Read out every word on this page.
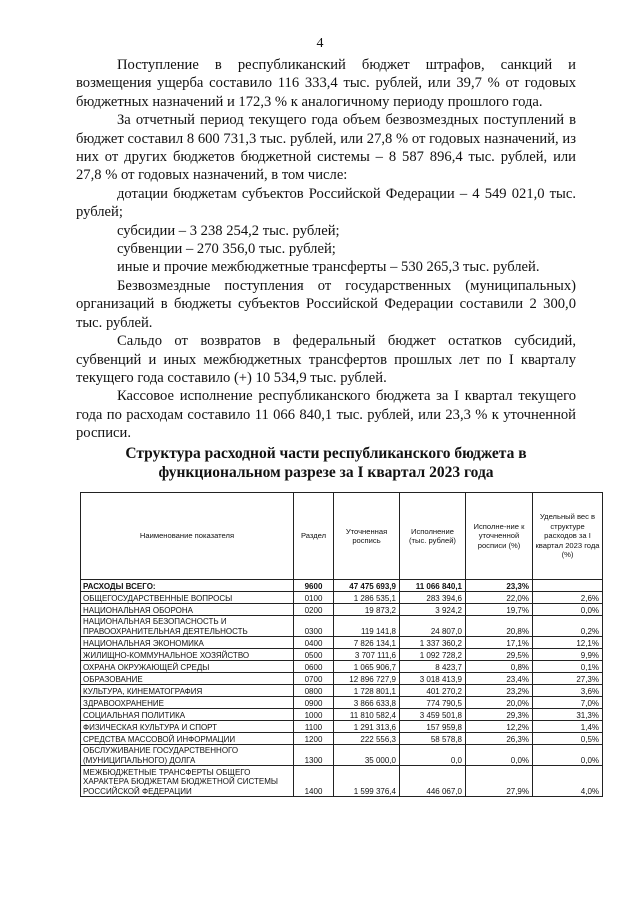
4

Поступление в республиканский бюджет штрафов, санкций и возмещения ущерба составило 116 333,4 тыс. рублей, или 39,7 % от годовых бюджетных назначений и 172,3 % к аналогичному периоду прошлого года.

За отчетный период текущего года объем безвозмездных поступлений в бюджет составил 8 600 731,3 тыс. рублей, или 27,8 % от годовых назначений, из них от других бюджетов бюджетной системы – 8 587 896,4 тыс. рублей, или 27,8 % от годовых назначений, в том числе:

дотации бюджетам субъектов Российской Федерации – 4 549 021,0 тыс. рублей;

субсидии – 3 238 254,2 тыс. рублей;

субвенции – 270 356,0 тыс. рублей;

иные и прочие межбюджетные трансферты – 530 265,3 тыс. рублей.

Безвозмездные поступления от государственных (муниципальных) организаций в бюджеты субъектов Российской Федерации составили 2 300,0 тыс. рублей.

Сальдо от возвратов в федеральный бюджет остатков субсидий, субвенций и иных межбюджетных трансфертов прошлых лет по I кварталу текущего года составило (+) 10 534,9 тыс. рублей.

Кассовое исполнение республиканского бюджета за I квартал текущего года по расходам составило 11 066 840,1 тыс. рублей, или 23,3 % к уточненной росписи.

Структура расходной части республиканского бюджета в функциональном разрезе за I квартал 2023 года
Наименование показателя	Раздел	Уточненная роспись	Исполнение (тыс. рублей)	Исполне-ние к уточненной росписи (%)	Удельный вес в структуре расходов за I квартал 2023 года (%)
РАСХОДЫ ВСЕГО:	9600	47 475 693,9	11 066 840,1	23,3%	
ОБЩЕГОСУДАРСТВЕННЫЕ ВОПРОСЫ	0100	1 286 535,1	283 394,6	22,0%	2,6%
НАЦИОНАЛЬНАЯ ОБОРОНА	0200	19 873,2	3 924,2	19,7%	0,0%
НАЦИОНАЛЬНАЯ БЕЗОПАСНОСТЬ И ПРАВООХРАНИТЕЛЬНАЯ ДЕЯТЕЛЬНОСТЬ	0300	119 141,8	24 807,0	20,8%	0,2%
НАЦИОНАЛЬНАЯ ЭКОНОМИКА	0400	7 826 134,1	1 337 360,2	17,1%	12,1%
ЖИЛИЩНО-КОММУНАЛЬНОЕ ХОЗЯЙСТВО	0500	3 707 111,6	1 092 728,2	29,5%	9,9%
ОХРАНА ОКРУЖАЮЩЕЙ СРЕДЫ	0600	1 065 906,7	8 423,7	0,8%	0,1%
ОБРАЗОВАНИЕ	0700	12 896 727,9	3 018 413,9	23,4%	27,3%
КУЛЬТУРА, КИНЕМАТОГРАФИЯ	0800	1 728 801,1	401 270,2	23,2%	3,6%
ЗДРАВООХРАНЕНИЕ	0900	3 866 633,8	774 790,5	20,0%	7,0%
СОЦИАЛЬНАЯ ПОЛИТИКА	1000	11 810 582,4	3 459 501,8	29,3%	31,3%
ФИЗИЧЕСКАЯ КУЛЬТУРА И СПОРТ	1100	1 291 313,6	157 959,8	12,2%	1,4%
СРЕДСТВА МАССОВОЙ ИНФОРМАЦИИ	1200	222 556,3	58 578,8	26,3%	0,5%
ОБСЛУЖИВАНИЕ ГОСУДАРСТВЕННОГО (МУНИЦИПАЛЬНОГО) ДОЛГА	1300	35 000,0	0,0	0,0%	0,0%
МЕЖБЮДЖЕТНЫЕ ТРАНСФЕРТЫ ОБЩЕГО ХАРАКТЕРА БЮДЖЕТАМ БЮДЖЕТНОЙ СИСТЕМЫ РОССИЙСКОЙ ФЕДЕРАЦИИ	1400	1 599 376,4	446 067,0	27,9%	4,0%
